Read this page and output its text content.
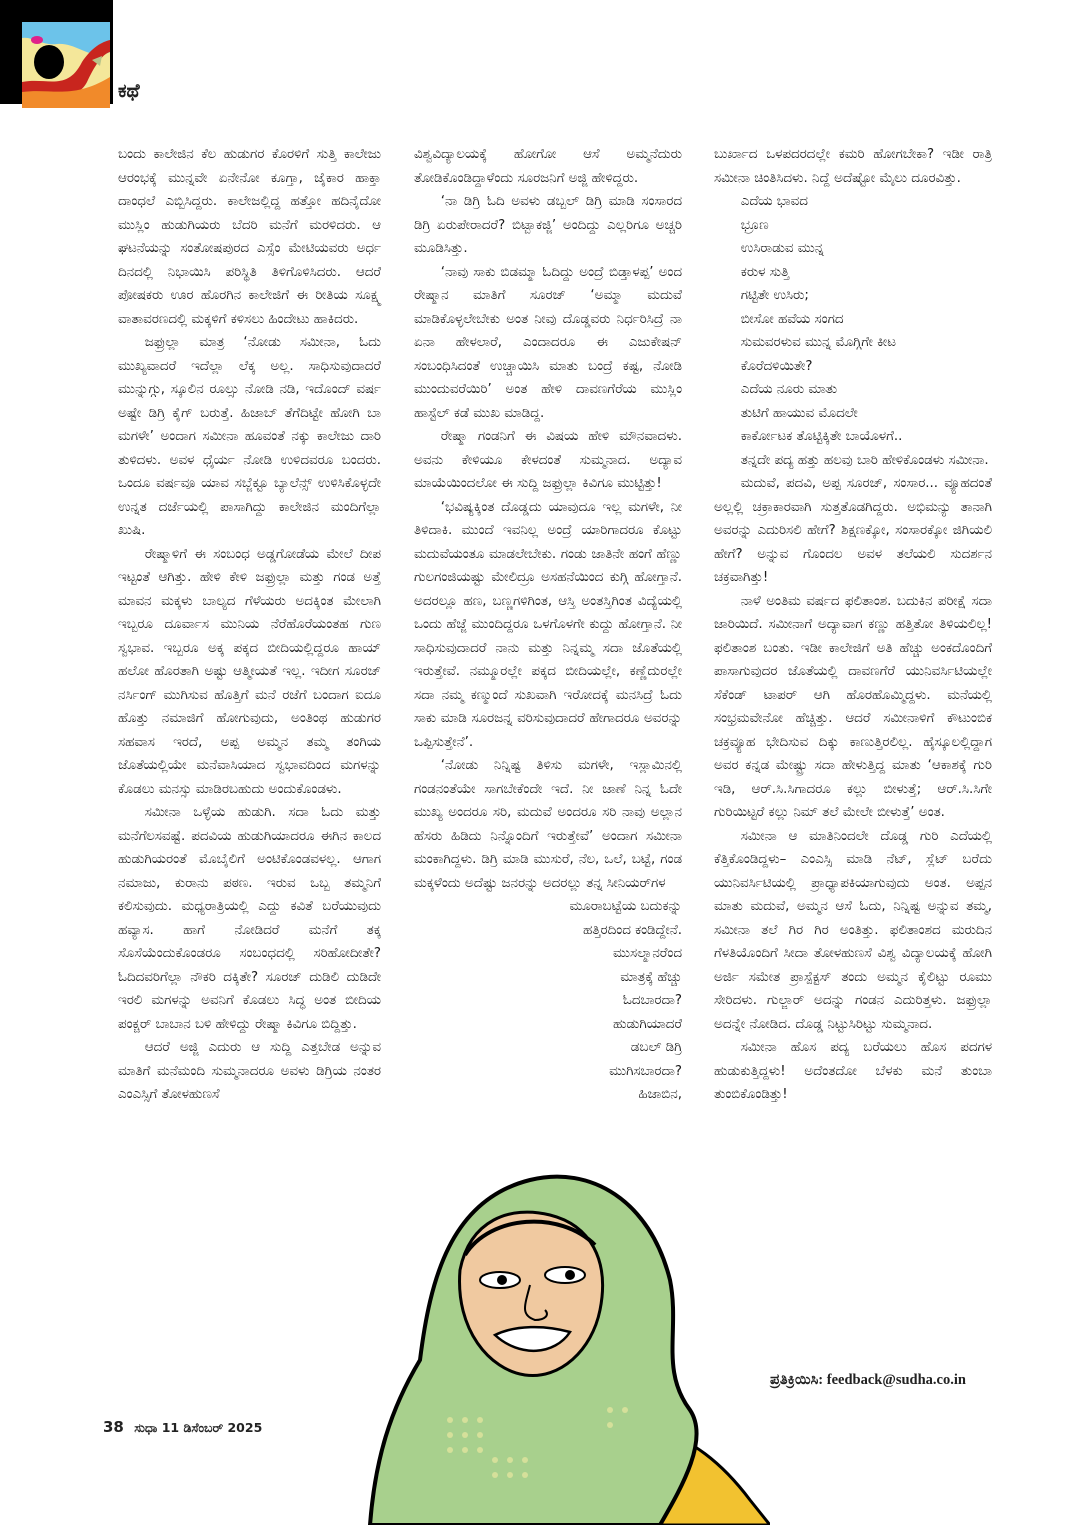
ಕಥೆ

ಬಂದು ಕಾಲೇಜಿನ ಕೆಲ ಹುಡುಗರ ಕೊರಳಿಗೆ ಸುತ್ತಿ ಕಾಲೇಜು ಆರಂಭಕ್ಕೆ ಮುನ್ನವೇ ಏನೇನೋ ಕೂಗ್ತಾ, ಜೈಕಾರ ಹಾಕ್ತಾ ದಾಂಧಲೆ ಎಬ್ಬಿಸಿದ್ದರು. ಕಾಲೇಜಲ್ಲಿದ್ದ ಹತ್ತೋ ಹದಿನೈದೋ ಮುಸ್ಲಿಂ ಹುಡುಗಿಯರು ಬೆದರಿ ಮನೆಗೆ ಮರಳಿದರು. ಆ ಘಟನೆಯನ್ನು ಸಂತೋಷಪುರದ ಎಸ್ಸೆಂ ಮೇಟಿಯವರು ಅರ್ಧ ದಿನದಲ್ಲಿ ನಿಭಾಯಿಸಿ ಪರಿಸ್ಥಿತಿ ತಿಳಿಗೊಳಿಸಿದರು. ಆದರೆ ಪೋಷಕರು ಊರ ಹೊರಗಿನ ಕಾಲೇಜಿಗೆ ಈ ರೀತಿಯ ಸೂಕ್ಷ್ಮ ವಾತಾವರಣದಲ್ಲಿ ಮಕ್ಕಳಿಗೆ ಕಳಿಸಲು ಹಿಂದೇಟು ಹಾಕಿದರು.

ಜಫ್ರುಲ್ಲಾ ಮಾತ್ರ ‘ನೋಡು ಸಮೀನಾ, ಓದು ಮುಖ್ಯವಾದರೆ ಇದೆಲ್ಲಾ ಲೆಕ್ಕ ಅಲ್ಲ. ಸಾಧಿಸುವುದಾದರೆ ಮುನ್ನುಗ್ಗು, ಸ್ಕೂಲಿನ ರೂಲ್ಸು ನೋಡಿ ನಡಿ, ಇದೊಂದ್ ವರ್ಷ ಅಷ್ಟೇ ಡಿಗ್ರಿ ಕೈಗ್ ಬರುತ್ತೆ. ಹಿಜಾಬ್ ತೆಗೆದಿಟ್ಟೇ ಹೋಗಿ ಬಾ ಮಗಳೇ’ ಅಂದಾಗ ಸಮೀನಾ ಹೂವಂತೆ ನಕ್ಕು ಕಾಲೇಜು ದಾರಿ ತುಳಿದಳು. ಅವಳ ಧೈರ್ಯ ನೋಡಿ ಉಳಿದವರೂ ಬಂದರು. ಒಂದೂ ವರ್ಷವೂ ಯಾವ ಸಬ್ಜೆಕ್ಟೂ ಬ್ಯಾಲೆನ್ಸ್ ಉಳಿಸಿಕೊಳ್ಳದೇ ಉನ್ನತ ದರ್ಜೆಯಲ್ಲಿ ಪಾಸಾಗಿದ್ದು ಕಾಲೇಜಿನ ಮಂದಿಗೆಲ್ಲಾ ಖುಷಿ.

ರೇಷ್ಮಾಳಿಗೆ ಈ ಸಂಬಂಧ ಅಡ್ಡಗೋಡೆಯ ಮೇಲೆ ದೀಪ ಇಟ್ಟಂತೆ ಆಗಿತ್ತು. ಹೇಳಿ ಕೇಳಿ ಜಫ್ರುಲ್ಲಾ ಮತ್ತು ಗಂಡ ಅತ್ತೆ ಮಾವನ ಮಕ್ಕಳು ಬಾಲ್ಯದ ಗೆಳೆಯರು ಅದಕ್ಕಿಂತ ಮೇಲಾಗಿ ಇಬ್ಬರೂ ದೂರ್ವಾಸ ಮುನಿಯ ನೆರೆಹೊರೆಯಂತಹ ಗುಣ ಸ್ವಭಾವ. ಇಬ್ಬರೂ ಅಕ್ಕ ಪಕ್ಕದ ಬೀದಿಯಲ್ಲಿದ್ದರೂ ಹಾಯ್ ಹಲೋ ಹೊರತಾಗಿ ಅಷ್ಟು ಆತ್ಮೀಯತೆ ಇಲ್ಲ. ಇದೀಗ ಸೂರಜ್ ನರ್ಸಿಂಗ್ ಮುಗಿಸುವ ಹೊತ್ತಿಗೆ ಮನೆ ರಜೆಗೆ ಬಂದಾಗ ಐದೂ ಹೊತ್ತು ನಮಾಜಿಗೆ ಹೋಗುವುದು, ಅಂತಿಂಥ ಹುಡುಗರ ಸಹವಾಸ ಇರದೆ, ಅಪ್ಪ ಅಮ್ಮನ ತಮ್ಮ ತಂಗಿಯ ಜೊತೆಯಲ್ಲಿಯೇ ಮನೆವಾಸಿಯಾದ ಸ್ವಭಾವದಿಂದ ಮಗಳನ್ನು ಕೊಡಲು ಮನಸ್ಸು ಮಾಡಿರಬಹುದು ಅಂದುಕೊಂಡಳು.

ಸಮೀನಾ ಒಳ್ಳೆಯ ಹುಡುಗಿ. ಸದಾ ಓದು ಮತ್ತು ಮನೆಗೆಲಸವಷ್ಟೆ. ಪದವಿಯ ಹುಡುಗಿಯಾದರೂ ಈಗಿನ ಕಾಲದ ಹುಡುಗಿಯರಂತೆ ಮೊಬೈಲಿಗೆ ಅಂಟಿಕೊಂಡವಳಲ್ಲ. ಆಗಾಗ ನಮಾಜು, ಕುರಾನು ಪಠಣ. ಇರುವ ಒಬ್ಬ ತಮ್ಮನಿಗೆ ಕಲಿಸುವುದು. ಮಧ್ಯರಾತ್ರಿಯಲ್ಲಿ ಎದ್ದು ಕವಿತೆ ಬರೆಯುವುದು ಹವ್ಯಾಸ. ಹಾಗೆ ನೋಡಿದರೆ ಮನೆಗೆ ತಕ್ಕ ಸೊಸೆಯೆಂದುಕೊಂಡರೂ ಸಂಬಂಧದಲ್ಲಿ ಸರಿಹೋದೀತೇ? ಓದಿದವರಿಗೆಲ್ಲಾ ನೌಕರಿ ದಕ್ಕಿತೇ? ಸೂರಜ್ ದುಡಿಲಿ ದುಡಿದೇ ಇರಲಿ ಮಗಳನ್ನು ಅವನಿಗೆ ಕೊಡಲು ಸಿದ್ಧ ಅಂತ ಬೀದಿಯ ಪಂಕ್ಚರ್ ಬಾಬಾನ ಬಳಿ ಹೇಳಿದ್ದು ರೇಷ್ಮಾ ಕಿವಿಗೂ ಬಿದ್ದಿತ್ತು.

ಆದರೆ ಅಜ್ಜಿ ಎದುರು ಆ ಸುದ್ದಿ ಎತ್ತಬೇಡ ಅನ್ನುವ ಮಾತಿಗೆ ಮನೆಮಂದಿ ಸುಮ್ಮನಾದರೂ ಅವಳು ಡಿಗ್ರಿಯ ನಂತರ ಎಂಎಸ್ಸಿಗೆ ತೋಳಹುಣಸೆ

ವಿಶ್ವವಿದ್ಯಾಲಯಕ್ಕೆ ಹೋಗೋ ಆಸೆ ಅಮ್ಮನೆದುರು ತೋಡಿಕೊಂಡಿದ್ದಾಳೆಂದು ಸೂರಜನಿಗೆ ಅಜ್ಜಿ ಹೇಳಿದ್ದರು.

‘ನಾ ಡಿಗ್ರಿ ಓದಿ ಅವಳು ಡಬ್ಬಲ್ ಡಿಗ್ರಿ ಮಾಡಿ ಸಂಸಾರದ ಡಿಗ್ರಿ ಏರುಪೇರಾದರೆ? ಬಿಟ್ಬಾಕಜ್ಜಿ’ ಅಂದಿದ್ದು ಎಲ್ಲರಿಗೂ ಅಚ್ಚರಿ ಮೂಡಿಸಿತ್ತು.

‘ನಾವು ಸಾಕು ಬಿಡಮ್ಮಾ ಓದಿದ್ದು ಅಂದ್ರೆ ಬಿಡ್ತಾಳಪ್ಪ’ ಅಂದ ರೇಷ್ಮಾನ ಮಾತಿಗೆ ಸೂರಜ್ ‘ಅಮ್ಮಾ ಮದುವೆ ಮಾಡಿಕೊಳ್ಳಲೇಬೇಕು ಅಂತ ನೀವು ದೊಡ್ಡವರು ನಿರ್ಧರಿಸಿದ್ರೆ ನಾ ಏನಾ ಹೇಳಲಾರೆ, ಎಂದಾದರೂ ಈ ಎಜುಕೇಷನ್ ಸಂಬಂಧಿಸಿದಂತೆ ಉಚ್ಚಾಯಿಸಿ ಮಾತು ಬಂದ್ರೆ ಕಷ್ಟ, ನೋಡಿ ಮುಂದುವರೆಯಿರಿ’ ಅಂತ ಹೇಳಿ ದಾವಣಗೆರೆಯ ಮುಸ್ಲಿಂ ಹಾಸ್ಟೆಲ್ ಕಡೆ ಮುಖ ಮಾಡಿದ್ದ.

ರೇಷ್ಮಾ ಗಂಡನಿಗೆ ಈ ವಿಷಯ ಹೇಳಿ ಮೌನವಾದಳು. ಅವನು ಕೇಳಿಯೂ ಕೇಳದಂತೆ ಸುಮ್ಮನಾದ. ಅದ್ಯಾವ ಮಾಯೆಯಿಂದಲೋ ಈ ಸುದ್ದಿ ಜಫ್ರುಲ್ಲಾ ಕಿವಿಗೂ ಮುಟ್ಟಿತ್ತು!

‘ಭವಿಷ್ಯಕ್ಕಿಂತ ದೊಡ್ಡದು ಯಾವುದೂ ಇಲ್ಲ ಮಗಳೇ, ನೀ ತಿಳಿದಾಕಿ. ಮುಂದೆ ಇವನಿಲ್ಲ ಅಂದ್ರೆ ಯಾರಿಗಾದರೂ ಕೊಟ್ಟು ಮದುವೆಯಂತೂ ಮಾಡಲೇಬೇಕು. ಗಂಡು ಜಾತಿನೇ ಹಂಗೆ ಹೆಣ್ಣು ಗುಲಗಂಜಿಯಷ್ಟು ಮೇಲಿದ್ರೂ ಅಸಹನೆಯಿಂದ ಕುಗ್ಗಿ ಹೋಗ್ತಾನೆ. ಅದರಲ್ಲೂ ಹಣ, ಬಣ್ಣಗಳಿಗಿಂತ, ಆಸ್ತಿ ಅಂತಸ್ತಿಗಿಂತ ವಿದ್ಯೆಯಲ್ಲಿ ಒಂದು ಹೆಜ್ಜೆ ಮುಂದಿದ್ದರೂ ಒಳಗೊಳಗೇ ಕುದ್ದು ಹೋಗ್ತಾನೆ. ನೀ ಸಾಧಿಸುವುದಾದರೆ ನಾನು ಮತ್ತು ನಿನ್ನಮ್ಮ ಸದಾ ಜೊತೆಯಲ್ಲಿ ಇರುತ್ತೇವೆ. ನಮ್ಮೂರಲ್ಲೇ ಪಕ್ಕದ ಬೀದಿಯಲ್ಲೇ, ಕಣ್ಣೆದುರಲ್ಲೇ ಸದಾ ನಮ್ಮ ಕಣ್ಮುಂದೆ ಸುಖವಾಗಿ ಇರೋದಕ್ಕೆ ಮನಸಿದ್ರೆ ಓದು ಸಾಕು ಮಾಡಿ ಸೂರಜನ್ನ ವರಿಸುವುದಾದರೆ ಹೇಗಾದರೂ ಅವರನ್ನು ಒಪ್ಪಿಸುತ್ತೇನೆ’.

‘ನೋಡು ನಿನ್ನಿಷ್ಟ ತಿಳಿಸು ಮಗಳೇ, ಇಸ್ಲಾಮಿನಲ್ಲಿ ಗಂಡನಂತೆಯೇ ಸಾಗಬೇಕೆಂದೇ ಇದೆ. ನೀ ಜಾಣೆ ನಿನ್ನ ಓದೇ ಮುಖ್ಯ ಅಂದರೂ ಸರಿ, ಮದುವೆ ಅಂದರೂ ಸರಿ ನಾವು ಅಲ್ಲಾನ ಹೆಸರು ಹಿಡಿದು ನಿನ್ನೊಂದಿಗೆ ಇರುತ್ತೇವೆ’ ಅಂದಾಗ ಸಮೀನಾ ಮಂಕಾಗಿದ್ದಳು. ಡಿಗ್ರಿ ಮಾಡಿ ಮುಸುರೆ, ನೆಲ, ಒಲೆ, ಬಟ್ಟೆ, ಗಂಡ ಮಕ್ಕಳೆಂದು ಅದೆಷ್ಟು ಜನರನ್ನು ಅದರಲ್ಲು ತನ್ನ ಸೀನಿಯರ್‌ಗಳ

ಮೂರಾಬಟ್ಟೆಯ ಬದುಕನ್ನು
ಹತ್ತಿರದಿಂದ ಕಂಡಿದ್ದೇನೆ.
ಮುಸಲ್ಮಾನರೆಂದ
ಮಾತ್ರಕ್ಕೆ ಹೆಚ್ಚು
ಓದಬಾರದಾ?
ಹುಡುಗಿಯಾದರೆ
ಡಬಲ್ ಡಿಗ್ರಿ
ಮುಗಿಸಬಾರದಾ?
ಹಿಜಾಬಿನ,

ಬುರ್ಖಾದ ಒಳಪದರದಲ್ಲೇ ಕಮರಿ ಹೋಗಬೇಕಾ? ಇಡೀ ರಾತ್ರಿ ಸಮೀನಾ ಚಿಂತಿಸಿದಳು. ನಿದ್ದೆ ಅದೆಷ್ಟೋ ಮೈಲು ದೂರವಿತ್ತು.

ಎದೆಯ ಭಾವದ
ಭ್ರೂಣ
ಉಸಿರಾಡುವ ಮುನ್ನ
ಕರುಳ ಸುತ್ತಿ
ಗಟ್ಟಿತೇ ಉಸಿರು;
ಬೀಸೋ ಹವೆಯ ಸಂಗದ
ಸುಮವರಳುವ ಮುನ್ನ ಮೊಗ್ಗಿಗೇ ಕೀಟ
ಕೊರೆದಳಿಯಿತೇ?
ಎದೆಯ ನೂರು ಮಾತು
ತುಟಿಗೆ ಹಾಯುವ ಮೊದಲೇ
ಕಾರ್ಕೋಟಕ ತೊಟ್ಟಿಕ್ಕಿತೇ ಬಾಯೊಳಗೆ..

ತನ್ನದೇ ಪದ್ಯ ಹತ್ತು ಹಲವು ಬಾರಿ ಹೇಳಿಕೊಂಡಳು ಸಮೀನಾ.

ಮದುವೆ, ಪದವಿ, ಅಪ್ಪ ಸೂರಜ್, ಸಂಸಾರ... ವ್ಯೂಹದಂತೆ ಅಲ್ಲಲ್ಲಿ ಚಕ್ರಾಕಾರವಾಗಿ ಸುತ್ತತೊಡಗಿದ್ದರು. ಅಭಿಮನ್ಯು ತಾನಾಗಿ ಅವರನ್ನು ಎದುರಿಸಲಿ ಹೇಗೆ? ಶಿಕ್ಷಣಕ್ಕೋ, ಸಂಸಾರಕ್ಕೋ ಜಿಗಿಯಲಿ ಹೇಗೆ? ಅನ್ನುವ ಗೊಂದಲ ಅವಳ ತಲೆಯಲಿ ಸುದರ್ಶನ ಚಕ್ರವಾಗಿತ್ತು!

ನಾಳೆ ಅಂತಿಮ ವರ್ಷದ ಫಲಿತಾಂಶ. ಬದುಕಿನ ಪರೀಕ್ಷೆ ಸದಾ ಜಾರಿಯಿದೆ. ಸಮೀನಾಗೆ ಅದ್ಯಾವಾಗ ಕಣ್ಣು ಹತ್ತಿತೋ ತಿಳಿಯಲಿಲ್ಲ! ಫಲಿತಾಂಶ ಬಂತು. ಇಡೀ ಕಾಲೇಜಿಗೆ ಅತಿ ಹೆಚ್ಚು ಅಂಕದೊಂದಿಗೆ ಪಾಸಾಗುವುದರ ಜೊತೆಯಲ್ಲಿ ದಾವಣಗೆರೆ ಯುನಿವರ್ಸಿಟಿಯಲ್ಲೇ ಸೆಕೆಂಡ್ ಟಾಪರ್ ಆಗಿ ಹೊರಹೊಮ್ಮಿದ್ದಳು. ಮನೆಯಲ್ಲಿ ಸಂಭ್ರಮವೇನೋ ಹೆಚ್ಚಿತ್ತು. ಆದರೆ ಸಮೀನಾಳಿಗೆ ಕೌಟುಂಬಿಕ ಚಕ್ರವ್ಯೂಹ ಭೇದಿಸುವ ದಿಕ್ಕು ಕಾಣುತ್ತಿರಲಿಲ್ಲ. ಹೈಸ್ಕೂಲಲ್ಲಿದ್ದಾಗ ಅವರ ಕನ್ನಡ ಮೇಷ್ಟ್ರು ಸದಾ ಹೇಳುತ್ತಿದ್ದ ಮಾತು ‘ಆಕಾಶಕ್ಕೆ ಗುರಿ ಇಡಿ, ಆರ್.ಸಿ.ಸಿಗಾದರೂ ಕಲ್ಲು ಬೀಳುತ್ತೆ; ಆರ್.ಸಿ.ಸಿಗೇ ಗುರಿಯಿಟ್ಟರೆ ಕಲ್ಲು ನಿಮ್ ತಲೆ ಮೇಲೇ ಬೀಳುತ್ತೆ’ ಅಂತ.

ಸಮೀನಾ ಆ ಮಾತಿನಿಂದಲೇ ದೊಡ್ಡ ಗುರಿ ಎದೆಯಲ್ಲಿ ಕೆತ್ತಿಕೊಂಡಿದ್ದಳು– ಎಂಎಸ್ಸಿ ಮಾಡಿ ನೆಟ್, ಸ್ಲೆಟ್ ಬರೆದು ಯುನಿವರ್ಸಿಟಿಯಲ್ಲಿ ಪ್ರಾಧ್ಯಾಪಕಿಯಾಗುವುದು ಅಂತ. ಅಪ್ಪನ ಮಾತು ಮದುವೆ, ಅಮ್ಮನ ಆಸೆ ಓದು, ನಿನ್ನಿಷ್ಟ ಅನ್ನುವ ತಮ್ಮ, ಸಮೀನಾ ತಲೆ ಗಿರ ಗಿರ ಅಂತಿತ್ತು. ಫಲಿತಾಂಶದ ಮರುದಿನ ಗೆಳತಿಯೊಂದಿಗೆ ಸೀದಾ ತೋಳಹುಣಸೆ ವಿಶ್ವ ವಿದ್ಯಾಲಯಕ್ಕೆ ಹೋಗಿ ಅರ್ಜಿ ಸಮೇತ ಪ್ರಾಸ್ಪೆಕ್ಟಸ್ ತಂದು ಅಮ್ಮನ ಕೈಲಿಟ್ಟು ರೂಮು ಸೇರಿದಳು. ಗುಲ್ಜಾರ್ ಅದನ್ನು ಗಂಡನ ಎದುರಿತ್ತಳು. ಜಫ್ರುಲ್ಲಾ ಅದನ್ನೇ ನೋಡಿದ. ದೊಡ್ಡ ನಿಟ್ಟುಸಿರಿಟ್ಟು ಸುಮ್ಮನಾದ.

ಸಮೀನಾ ಹೊಸ ಪದ್ಯ ಬರೆಯಲು ಹೊಸ ಪದಗಳ ಹುಡುಕುತ್ತಿದ್ದಳು! ಅದೆಂತದೋ ಬೆಳಕು ಮನೆ ತುಂಬಾ ತುಂಬಿಕೊಂಡಿತ್ತು!

ಪ್ರತಿಕ್ರಿಯಿಸಿ: feedback@sudha.co.in
38 ಸುಧಾ 11 ಡಿಸೆಂಬರ್ 2025
